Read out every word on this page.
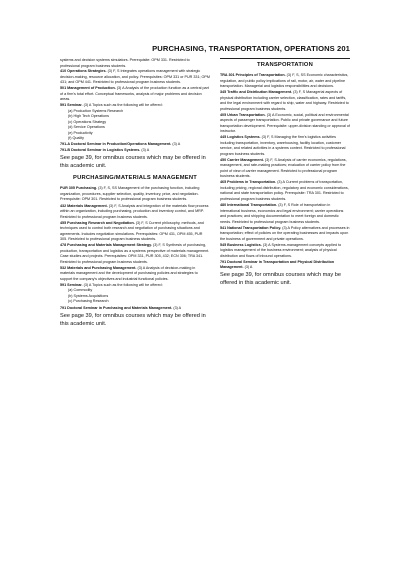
PURCHASING, TRANSPORTATION, OPERATIONS 201

systems and decision systems simulators. Prerequisite: OPM 331. Restricted to professional program business students.

410 Operations Strategies. (3) F, S Integrates operations management with strategic decision-making, resource allocation, and policy. Prerequisites: OPM 331 or PUR 331; OPM 431; and OPM 441. Restricted to professional program business students.

501 Management of Production. (3) A Analysis of the production function as a central part of a firm's total effort. Conceptual frameworks, analysis of major problems and decision areas.

591 Seminar. (3) A Topics such as the following will be offered:

(a) Production Systems Research
(b) High Tech Operations
(c) Operations Strategy
(d) Service Operations
(e) Productivity
(f) Quality

791-A Doctoral Seminar in Production/Operations Management. (3) A

791-B Doctoral Seminar in Logistics Systems. (3) A

See page 39, for omnibus courses which may be offered in this academic unit.

PURCHASING/MATERIALS MANAGEMENT

PUR 305 Purchasing. (3) F, S, SS Management of the purchasing function, including organization, procedures, supplier selection, quality, inventory, price, and negotiation. Prerequisite: OPM 301. Restricted to professional program business students.

432 Materials Management. (3) F, S Analysis and integration of the materials flow process within an organization, including purchasing, production and inventory control, and MRP. Restricted to professional program business students.

455 Purchasing Research and Negotiation. (3) F, S Current philosophy, methods, and techniques used to control both research and negotiation of purchasing situations and agreements. Includes negotiation simulations. Prerequisites: OPM 431, OPM 455, PUR 305. Restricted to professional program business students.

478 Purchasing and Materials Management Strategy. (3) F, S Synthesis of purchasing, production, transportation and logistics as a systems perspective of materials management. Case studies and projects. Prerequisites: OPM 331, PUR 305, 432; ECN 306; TRA 341. Restricted to professional program business students.

532 Materials and Purchasing Management. (3) A Analysis of decision-making in materials management and the development of purchasing policies and strategies to support the company's objectives and industrial functional policies.

591 Seminar. (3) A Topics such as the following will be offered:

(a) Commodity
(b) Systems Acquisitions
(c) Purchasing Research

791 Doctoral Seminar in Purchasing and Materials Management. (3) A

See page 39, for omnibus courses which may be offered in this academic unit.

TRANSPORTATION

TRA 301 Principles of Transportation. (3) F, S, SS Economic characteristics, regulation, and public policy implications of rail, motor, air, water and pipeline transportation. Managerial and logistics responsibilities and decisions.

345 Traffic and Distribution Management. (3) F, S Managerial aspects of physical distribution including carrier selection, classification, rates and tariffs, and the legal environment with regard to ship, water and highway. Restricted to professional program business students.

405 Urban Transportation. (3) A Economic, social, political and environmental aspects of passenger transportation. Public and private governance and future transportation development. Prerequisite: upper-division standing or approval of instructor.

445 Logistics Systems. (3) F, S Managing the firm's logistics activities including transportation, inventory, warehousing, facility location, customer service, and related activities in a systems context. Restricted to professional program business students.

450 Carrier Management. (3) F, S Analysis of carrier economics, regulations, management, and rate-making practices; evaluation of carrier policy from the point of view of carrier management. Restricted to professional program business students.

465 Problems in Transportation. (3) A Current problems of transportation, including pricing, regional distribution, regulatory and economic considerations, national and state transportation policy. Prerequisite: TRA 301. Restricted to professional program business students.

480 International Transportation. (3) F, S Role of transportation in international business, economics and legal environment; carrier operations and practices; and shipping documentation to meet foreign and domestic needs. Restricted to professional program business students.

541 National Transportation Policy. (3) A Policy alternatives and processes in transportation; effect of policies on the operating businesses and impacts upon the business of government and private operations.

545 Business Logistics. (3) A Systems-management concepts applied to logistics management of the business environment; analysis of physical distribution and flows of inbound operations.

791 Doctoral Seminar in Transportation and Physical Distribution Management. (3) A

See page 39, for omnibus courses which may be offered in this academic unit.
